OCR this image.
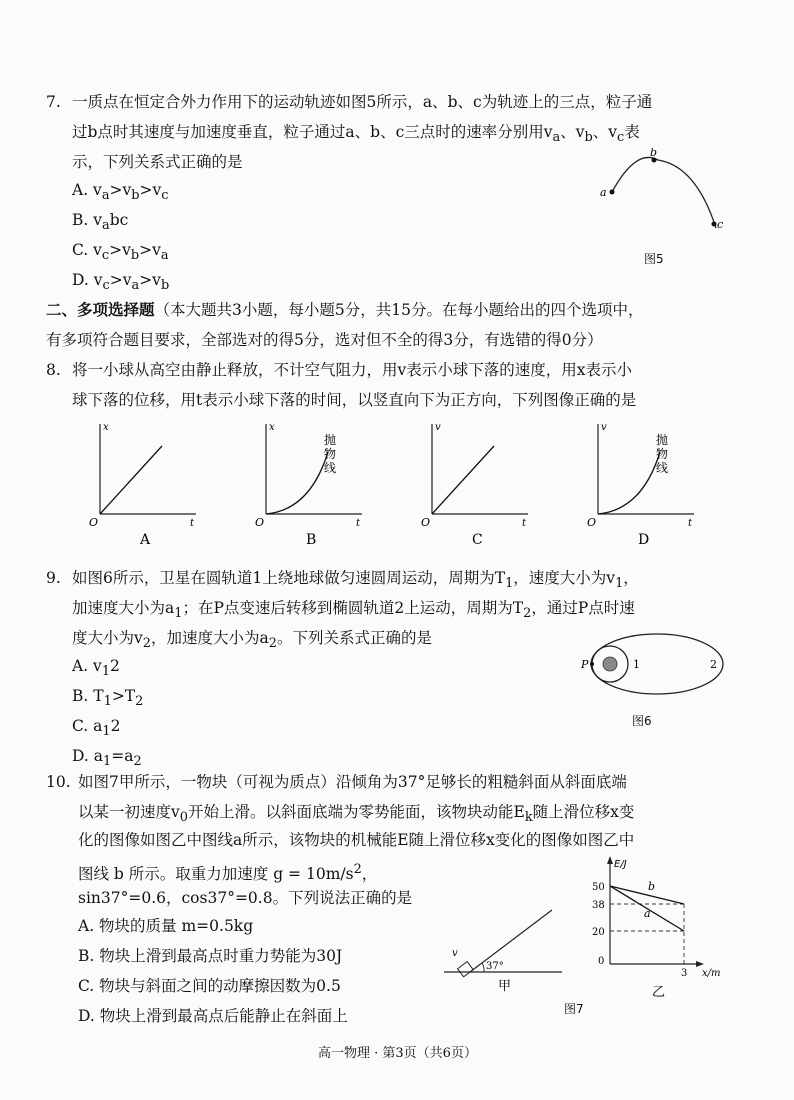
7. 一质点在恒定合外力作用下的运动轨迹如图5所示，a、b、c为轨迹上的三点，粒子通
过b点时其速度与加速度垂直，粒子通过a、b、c三点时的速率分别用$v_a$、$v_b$、$v_c$表
示，下列关系式正确的是
A. $v_a>v_b>v_c$
B. $v_abc$
C. $v_c>v_b>v_a$
D. $v_c>v_a>v_b$
a
b
c
图5
二、多项选择题（本大题共3小题，每小题5分，共15分。在每小题给出的四个选项中，
有多项符合题目要求，全部选对的得5分，选对但不全的得3分，有选错的得0分）
8. 将一小球从高空由静止释放，不计空气阻力，用v表示小球下落的速度，用x表示小
球下落的位移，用t表示小球下落的时间，以竖直向下为正方向，下列图像正确的是
x
t
O
A
x
t
O
抛
物
线
B
v
t
O
C
v
t
O
抛
物
线
D
9. 如图6所示，卫星在圆轨道1上绕地球做匀速圆周运动，周期为$T_1$，速度大小为$v_1$，
加速度大小为$a_1$；在P点变速后转移到椭圆轨道2上运动，周期为$T_2$，通过P点时速
度大小为$v_2$，加速度大小为$a_2$。下列关系式正确的是
A. $v_12$
B. $T_1>T_2$
C. $a_12$
D. $a_1=a_2$
P	1	2
图6
10. 如图7甲所示，一物块（可视为质点）沿倾角为37°足够长的粗糙斜面从斜面底端
以某一初速度$v_0$开始上滑。以斜面底端为零势能面，该物块动能$E_k$随上滑位移x变
化的图像如图乙中图线a所示，该物块的机械能E随上滑位移x变化的图像如图乙中
图线 b 所示。取重力加速度 $g = 10m/s^2$，
sin37°=0.6，cos37°=0.8。下列说法正确的是
A. 物块的质量 m=0.5kg
B. 物块上滑到最高点时重力势能为30J
C. 物块与斜面之间的动摩擦因数为0.5
D. 物块上滑到最高点后能静止在斜面上
37°
v
甲
E/J
50
38
20
0
3 x/m
a
b
乙
图7
高一物理 · 第3页（共6页）
